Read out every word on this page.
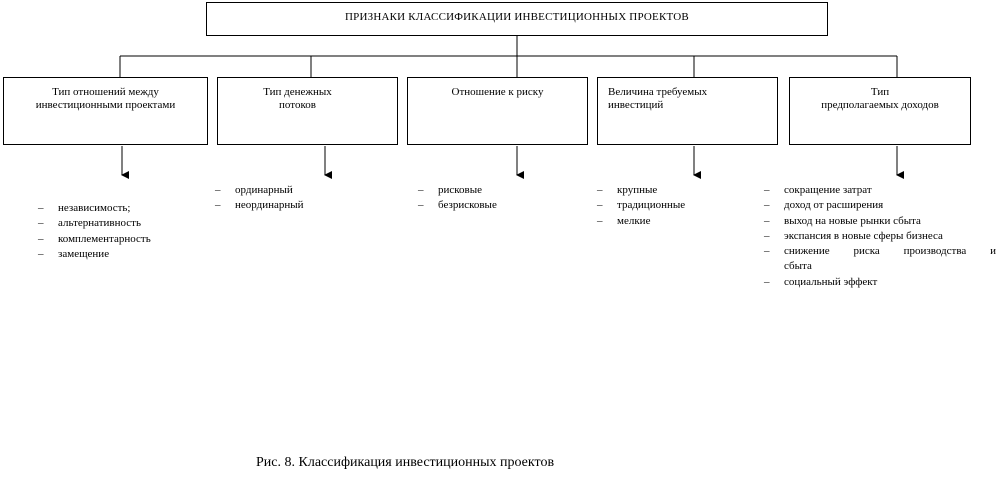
ПРИЗНАКИ КЛАССИФИКАЦИИ ИНВЕСТИЦИОННЫХ ПРОЕКТОВ
Тип отношений между
инвестиционными проектами
Тип денежных
потоков
Отношение к риску	Величина требуемых
инвестиций
Тип
предполагаемых доходов
– независимость;
– альтернативность
– комплементарность
– замещение
– ординарный
– неординарный
– рисковые
– безрисковые
– крупные
– традиционные
– мелкие
– сокращение затрат
– доход от расширения
– выход на новые рынки сбыта
– экспансия в новые сферы бизнеса
– снижение риска производства и
сбыта
– социальный эффект
Рис. 8. Классификация инвестиционных проектов
